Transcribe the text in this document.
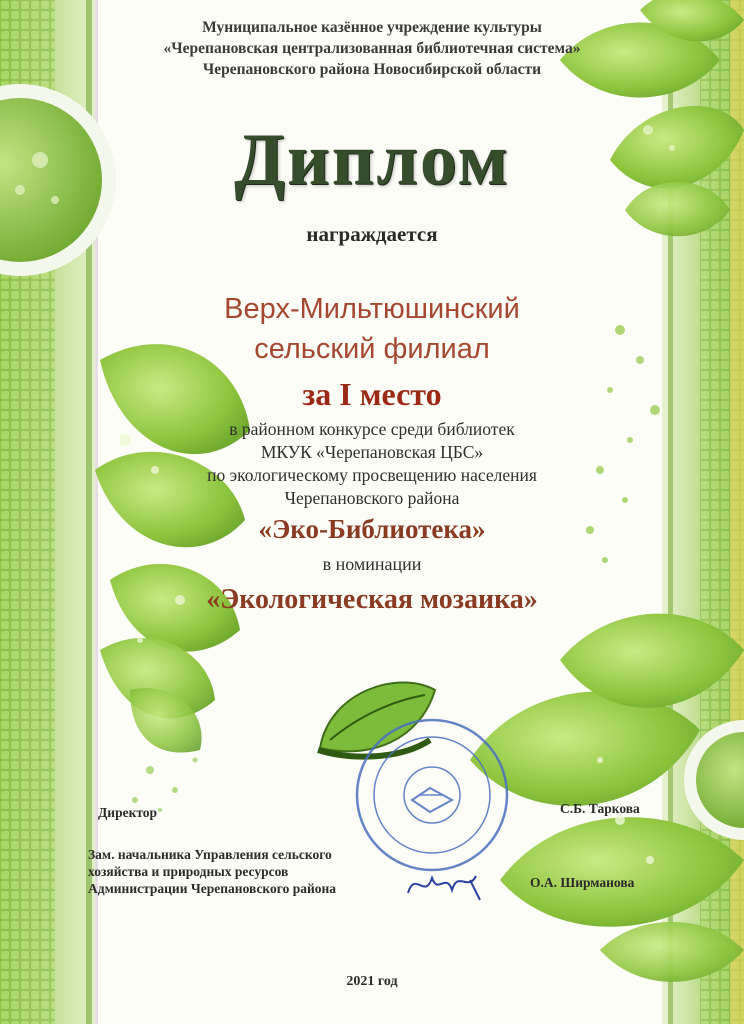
Муниципальное казённое учреждение культуры
«Черепановская централизованная библиотечная система»
Черепановского района Новосибирской области
Диплом
награждается
Верх-Мильтюшинский
сельский филиал
за I место
в районном конкурсе среди библиотек
МКУК «Черепановская ЦБС»
по экологическому просвещению населения
Черепановского района
«Эко-Библиотека»
в номинации
«Экологическая мозаика»
Директор	С.Б. Таркова
Зам. начальника Управления сельского
хозяйства и природных ресурсов
Администрации Черепановского района	О.А. Ширманова
2021 год
